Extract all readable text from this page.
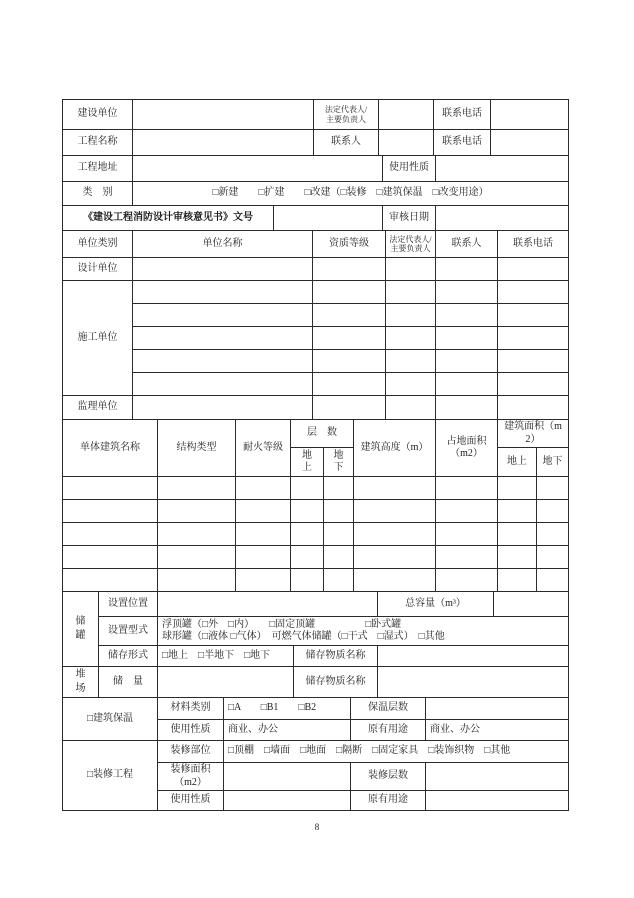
建设单位		法定代表人/主要负责人		联系电话	
工程名称		联系人		联系电话	
工程地址		使用性质	
类　别	□新建　　□扩建　　□改建（□装修　□建筑保温　□改变用途）
《建设工程消防设计审核意见书》文号		审核日期	
单位类别	单位名称	资质等级	法定代表人/主要负责人	联系人	联系电话
设计单位					
施工单位					

监理单位					
单体建筑名称	结构类型	耐火等级	层　数		建筑高度（m）	占地面积（m2）	建筑面积（m2）	
			地上	地下			地上	地下

储罐	设置位置			总容量（m³）	
	设置型式	浮顶罐（□外　□内）　　□固定顶罐　　　　　□卧式罐
球形罐（□液体 □气体）　可燃气体储罐（□干式　□湿式）　□其他			

	储存形式	□地上　□半地下　□地下	储存物质名称		
堆场	储　量		储存物质名称		
□建筑保温	材料类别	□A　　□B1　　□B2	保温层数	
	使用性质	商业、办公	原有用途	商业、办公
□装修工程	装修部位	□顶棚　□墙面　□地面　□隔断　□固定家具　□装饰织物　□其他		
	装修面积（m2）		装修层数	
	使用性质		原有用途	
8
